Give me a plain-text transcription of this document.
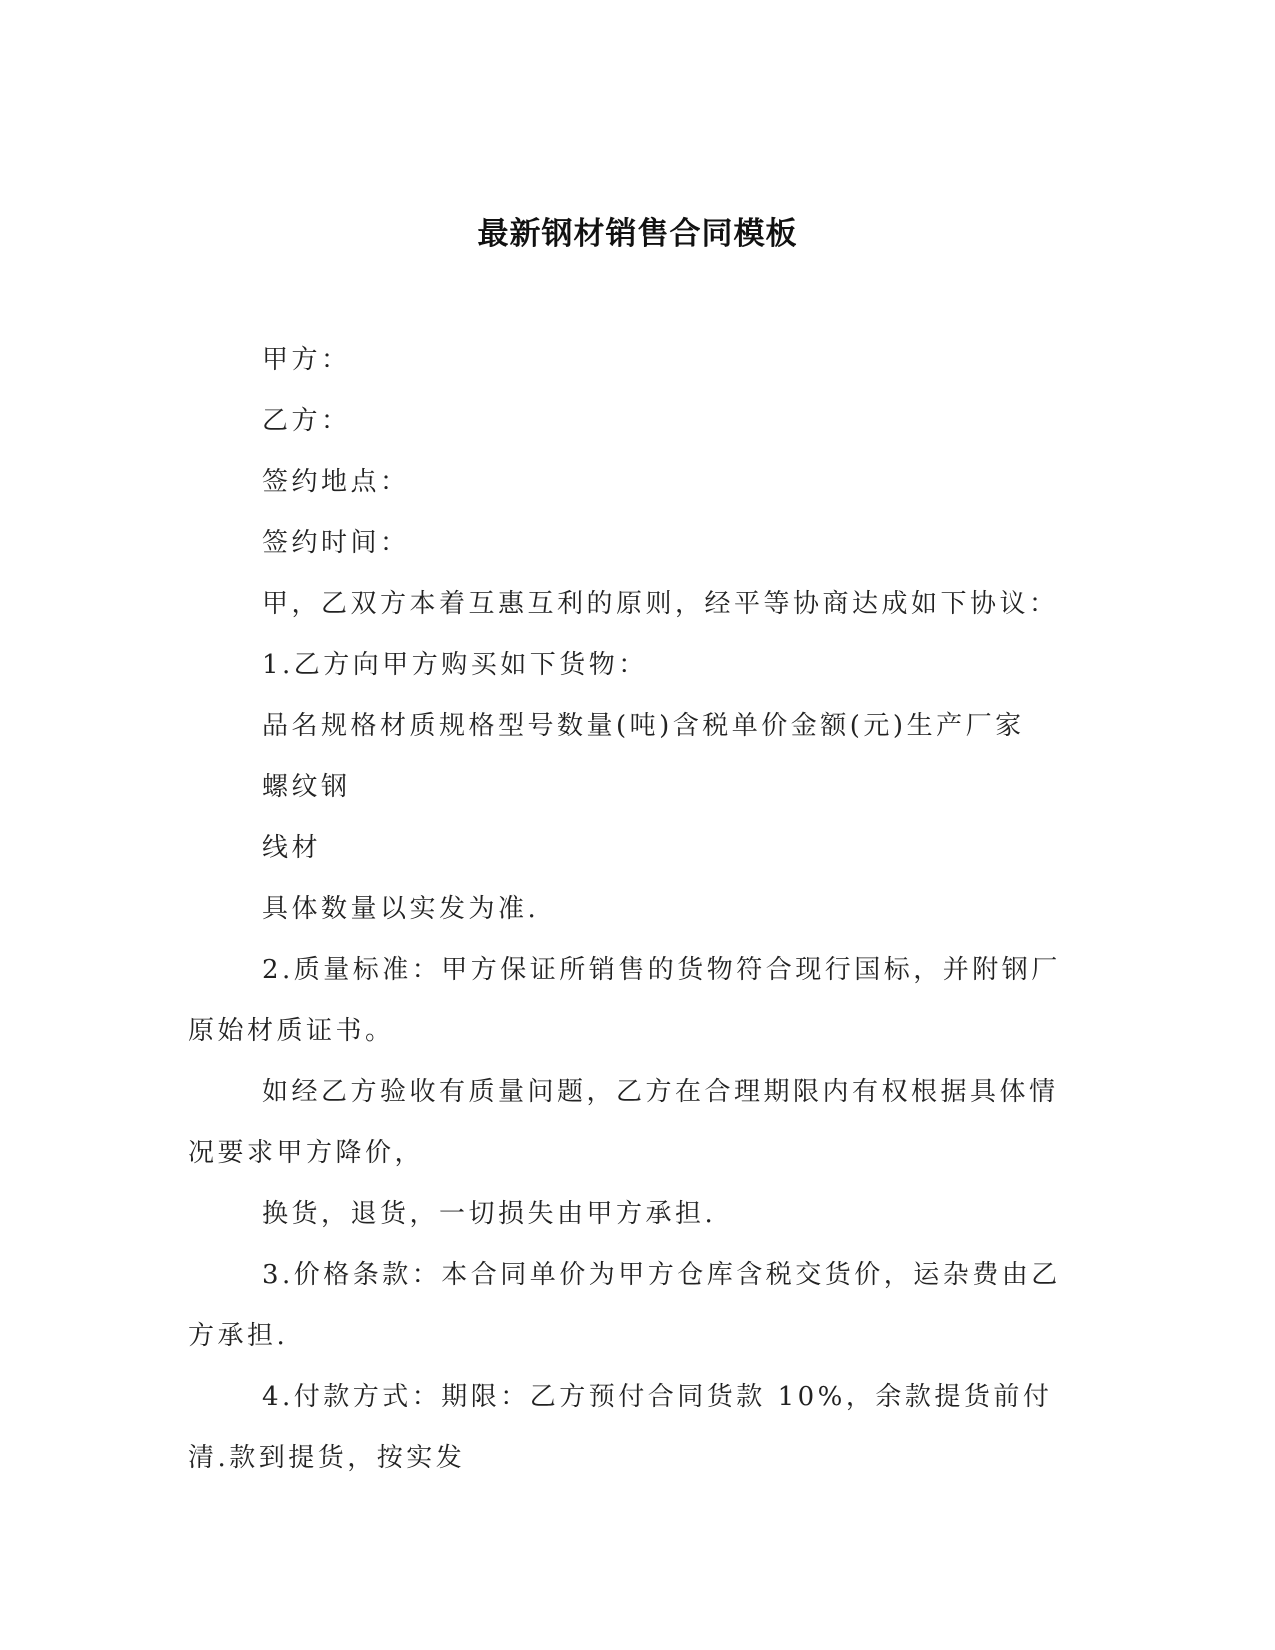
最新钢材销售合同模板

甲方：

乙方：

签约地点：

签约时间：

甲，乙双方本着互惠互利的原则，经平等协商达成如下协议：

1.乙方向甲方购买如下货物：

品名规格材质规格型号数量(吨)含税单价金额(元)生产厂家

螺纹钢

线材

具体数量以实发为准.

2.质量标准：甲方保证所销售的货物符合现行国标，并附钢厂原始材质证书。

如经乙方验收有质量问题，乙方在合理期限内有权根据具体情况要求甲方降价，

换货，退货，一切损失由甲方承担.

3.价格条款：本合同单价为甲方仓库含税交货价，运杂费由乙方承担.

4.付款方式：期限：乙方预付合同货款 10%，余款提货前付清.款到提货，按实发
